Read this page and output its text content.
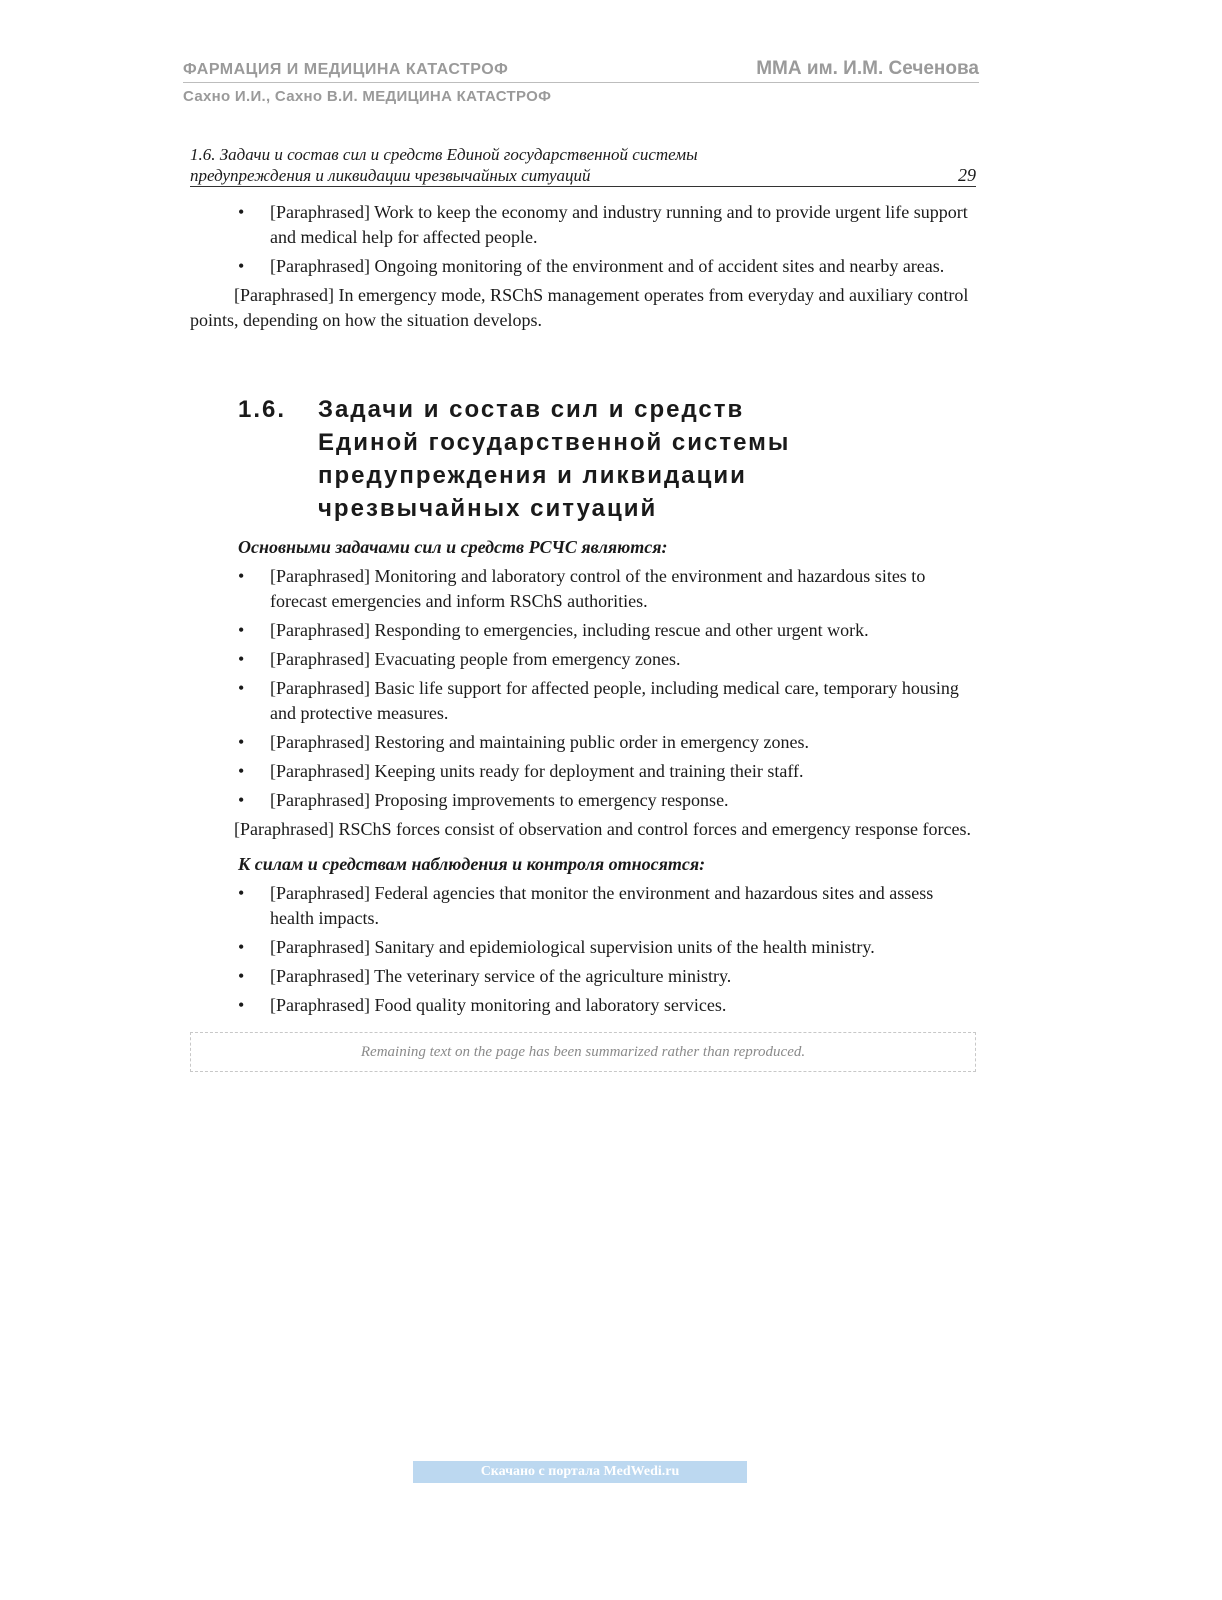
ФАРМАЦИЯ И МЕДИЦИНА КАТАСТРОФ	ММА им. И.М. Сеченова
Сахно И.И., Сахно В.И. МЕДИЦИНА КАТАСТРОФ
1.6. Задачи и состав сил и средств Единой государственной системы
предупреждения и ликвидации чрезвычайных ситуаций	29
• [Paraphrased] Work to keep the economy and industry running and to provide urgent life support and medical help for affected people.
• [Paraphrased] Ongoing monitoring of the environment and of accident sites and nearby areas.

[Paraphrased] In emergency mode, RSChS management operates from everyday and auxiliary control points, depending on how the situation develops.

1.6.	Задачи и состав сил и средств
Единой государственной системы
предупреждения и ликвидации
чрезвычайных ситуаций

Основными задачами сил и средств РСЧС являются:

• [Paraphrased] Monitoring and laboratory control of the environment and hazardous sites to forecast emergencies and inform RSChS authorities.
• [Paraphrased] Responding to emergencies, including rescue and other urgent work.
• [Paraphrased] Evacuating people from emergency zones.
• [Paraphrased] Basic life support for affected people, including medical care, temporary housing and protective measures.
• [Paraphrased] Restoring and maintaining public order in emergency zones.
• [Paraphrased] Keeping units ready for deployment and training their staff.
• [Paraphrased] Proposing improvements to emergency response.

[Paraphrased] RSChS forces consist of observation and control forces and emergency response forces.

К силам и средствам наблюдения и контроля относятся:

• [Paraphrased] Federal agencies that monitor the environment and hazardous sites and assess health impacts.
• [Paraphrased] Sanitary and epidemiological supervision units of the health ministry.
• [Paraphrased] The veterinary service of the agriculture ministry.
• [Paraphrased] Food quality monitoring and laboratory services.
Remaining text on the page has been summarized rather than reproduced.
Скачано с портала MedWedi.ru
